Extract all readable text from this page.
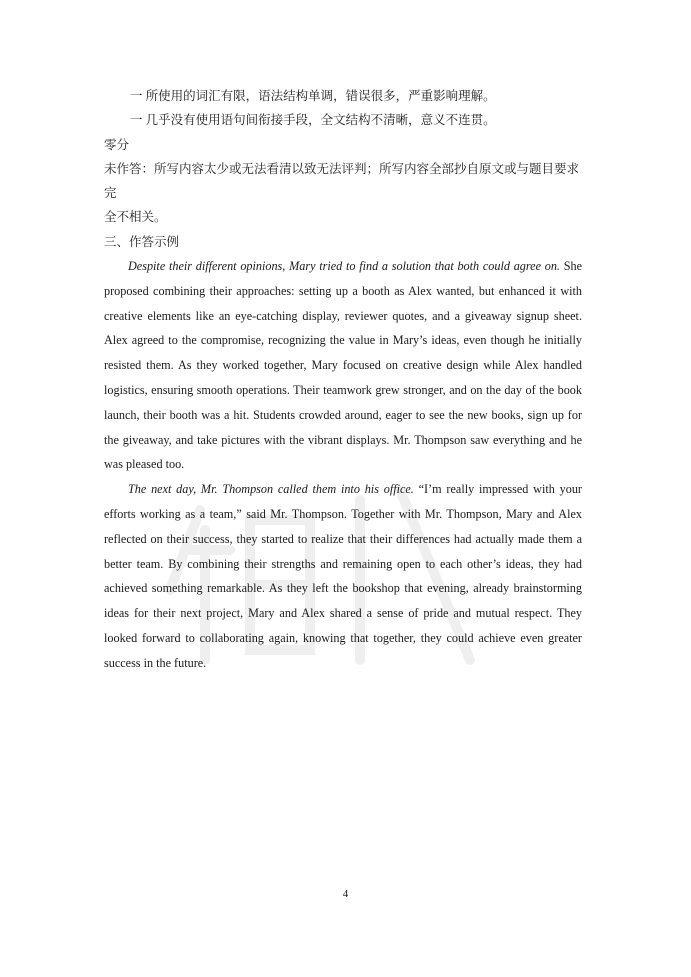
一 所使用的词汇有限，语法结构单调，错误很多，严重影响理解。

一 几乎没有使用语句间衔接手段，全文结构不清晰，意义不连贯。

零分

未作答：所写内容太少或无法看清以致无法评判；所写内容全部抄自原文或与题目要求完

全不相关。

三、作答示例

Despite their different opinions, Mary tried to find a solution that both could agree on. She proposed combining their approaches: setting up a booth as Alex wanted, but enhanced it with creative elements like an eye-catching display, reviewer quotes, and a giveaway signup sheet. Alex agreed to the compromise, recognizing the value in Mary’s ideas, even though he initially resisted them. As they worked together, Mary focused on creative design while Alex handled logistics, ensuring smooth operations. Their teamwork grew stronger, and on the day of the book launch, their booth was a hit. Students crowded around, eager to see the new books, sign up for the giveaway, and take pictures with the vibrant displays. Mr. Thompson saw everything and he was pleased too.

The next day, Mr. Thompson called them into his office. “I’m really impressed with your efforts working as a team,” said Mr. Thompson. Together with Mr. Thompson, Mary and Alex reflected on their success, they started to realize that their differences had actually made them a better team. By combining their strengths and remaining open to each other’s ideas, they had achieved something remarkable. As they left the bookshop that evening, already brainstorming ideas for their next project, Mary and Alex shared a sense of pride and mutual respect. They looked forward to collaborating again, knowing that together, they could achieve even greater success in the future.

4
